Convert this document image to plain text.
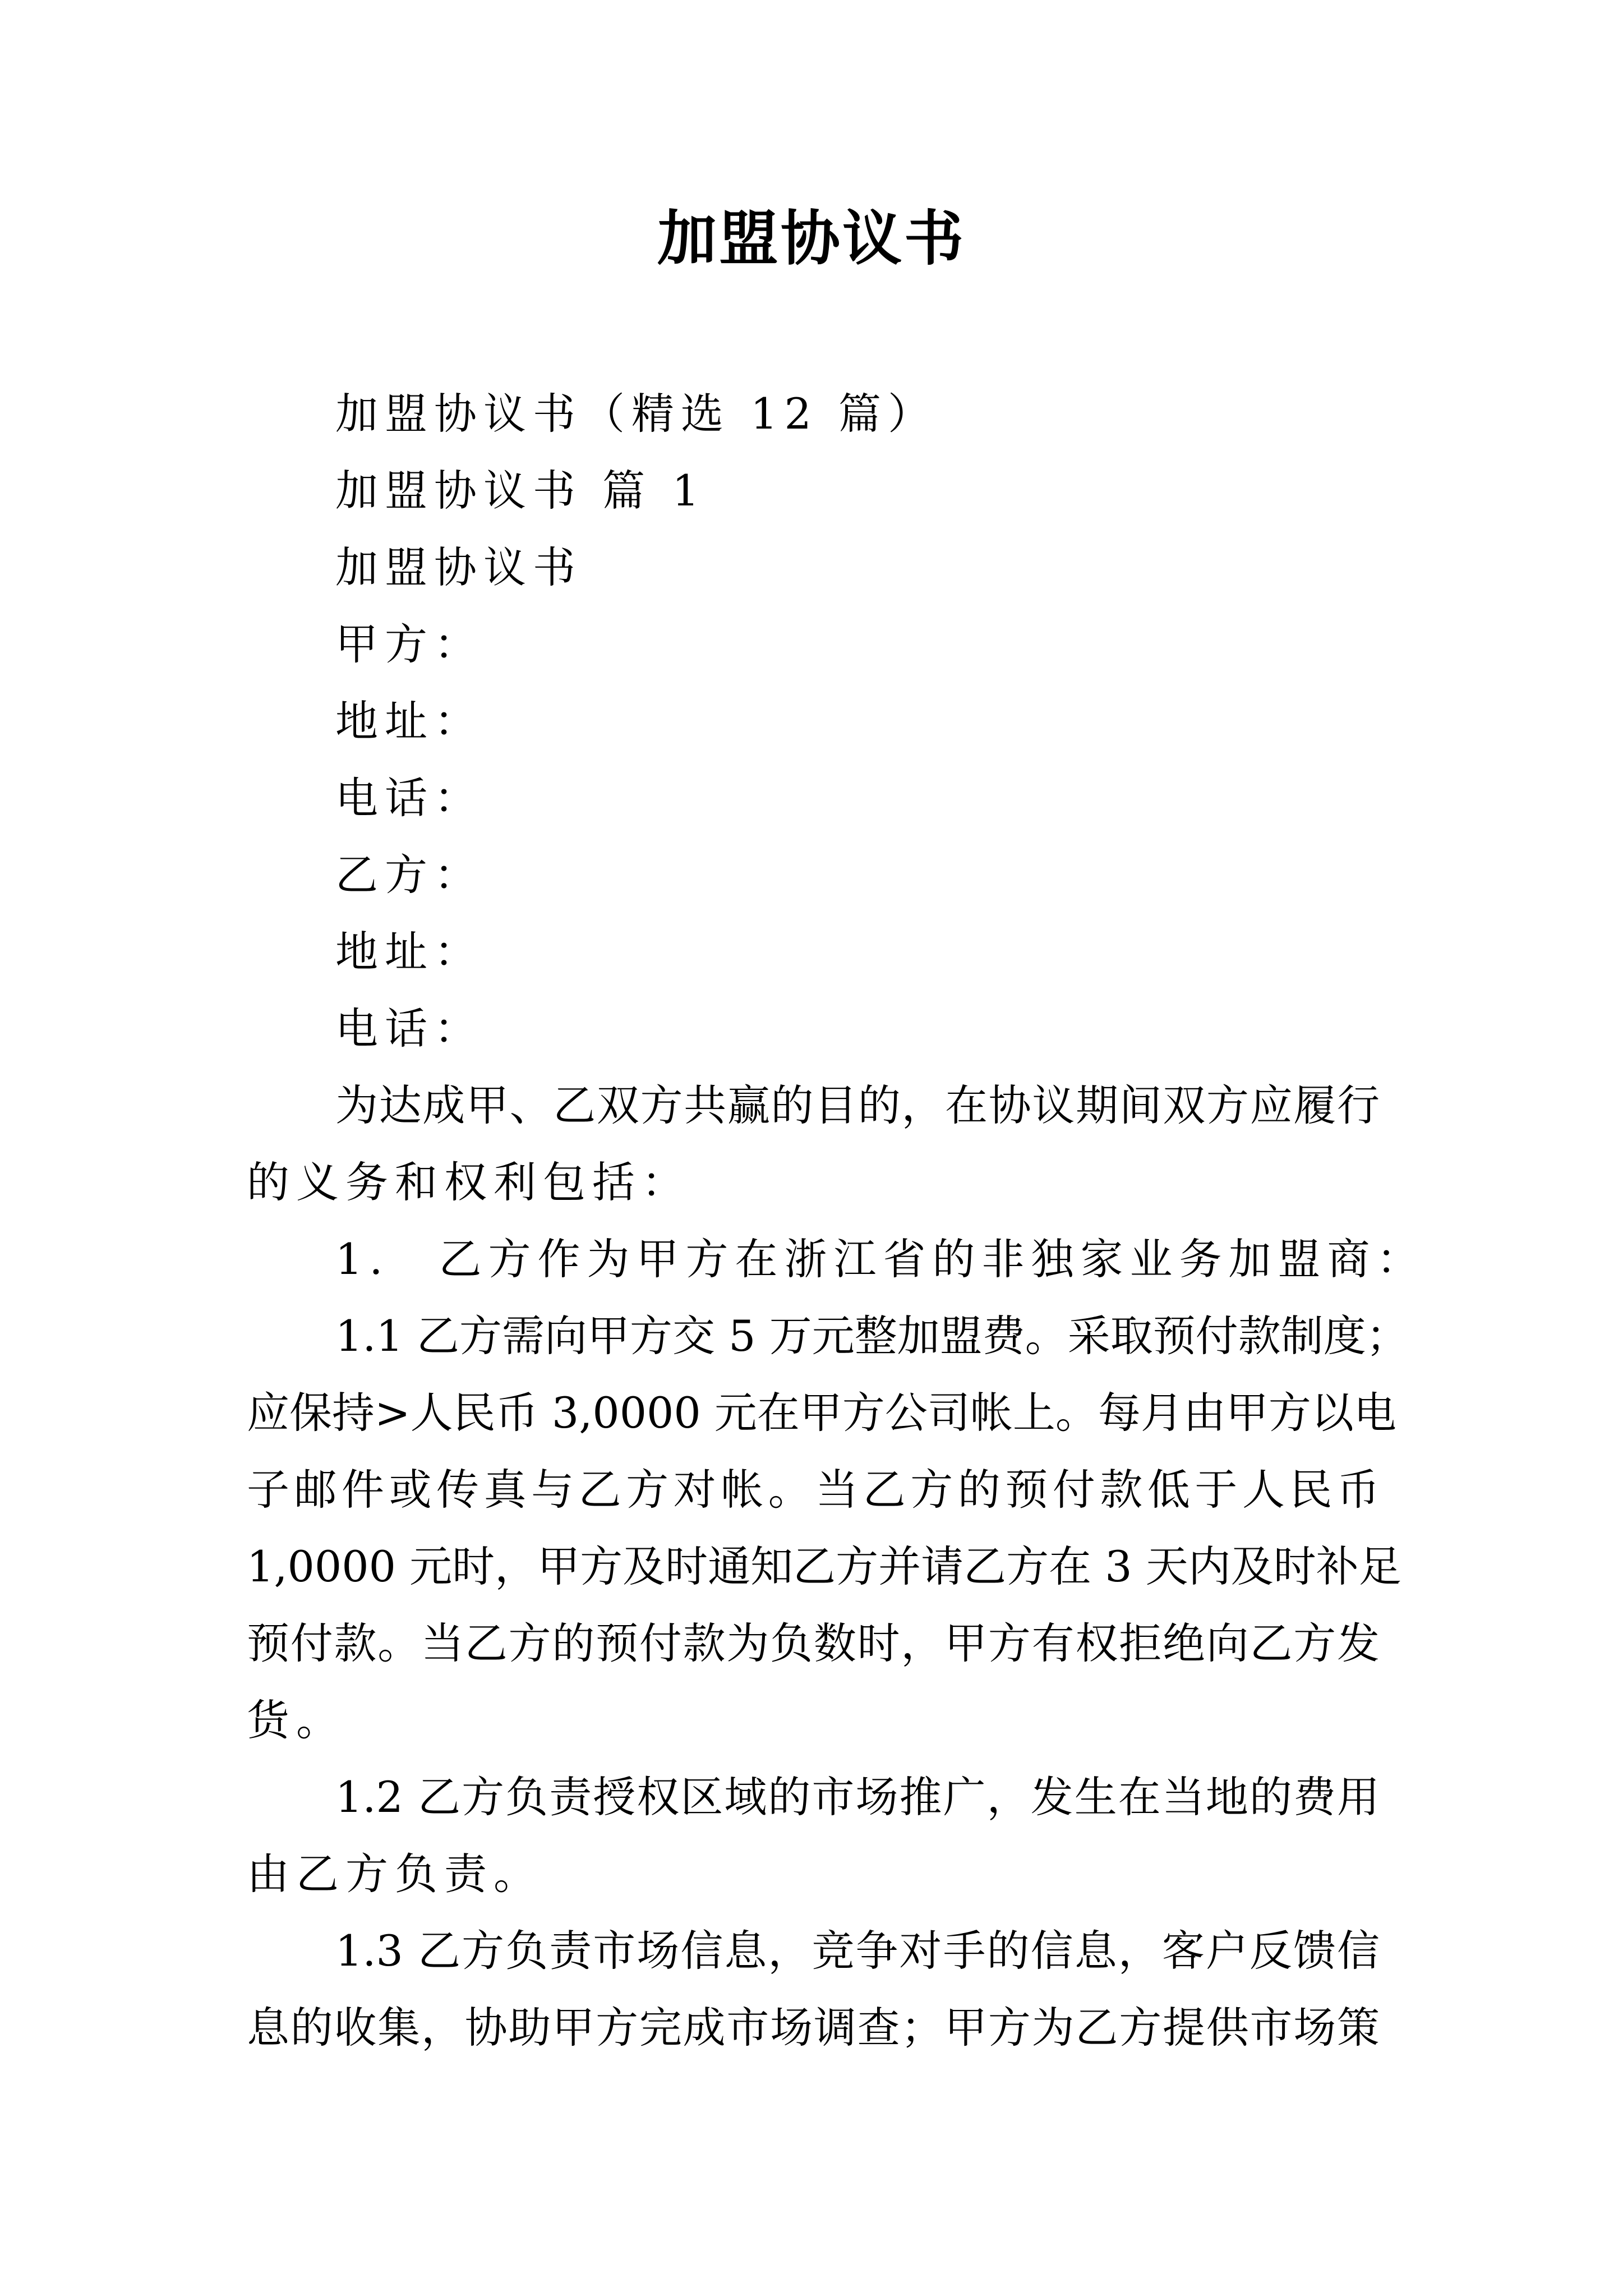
加盟协议书
加盟协议书（精选 12 篇）
加盟协议书 篇 1
加盟协议书
甲方：
地址：
电话：
乙方：
地址：
电话：
为达成甲、乙双方共赢的目的，在协议期间双方应履行
的义务和权利包括：
1.　乙方作为甲方在浙江省的非独家业务加盟商：
1.1 乙方需向甲方交 5 万元整加盟费。采取预付款制度；
应保持>人民币 3,0000 元在甲方公司帐上。每月由甲方以电
子邮件或传真与乙方对帐。当乙方的预付款低于人民币
1,0000 元时，甲方及时通知乙方并请乙方在 3 天内及时补足
预付款。当乙方的预付款为负数时，甲方有权拒绝向乙方发
货。
1.2 乙方负责授权区域的市场推广，发生在当地的费用
由乙方负责。
1.3 乙方负责市场信息，竞争对手的信息，客户反馈信
息的收集，协助甲方完成市场调查；甲方为乙方提供市场策
